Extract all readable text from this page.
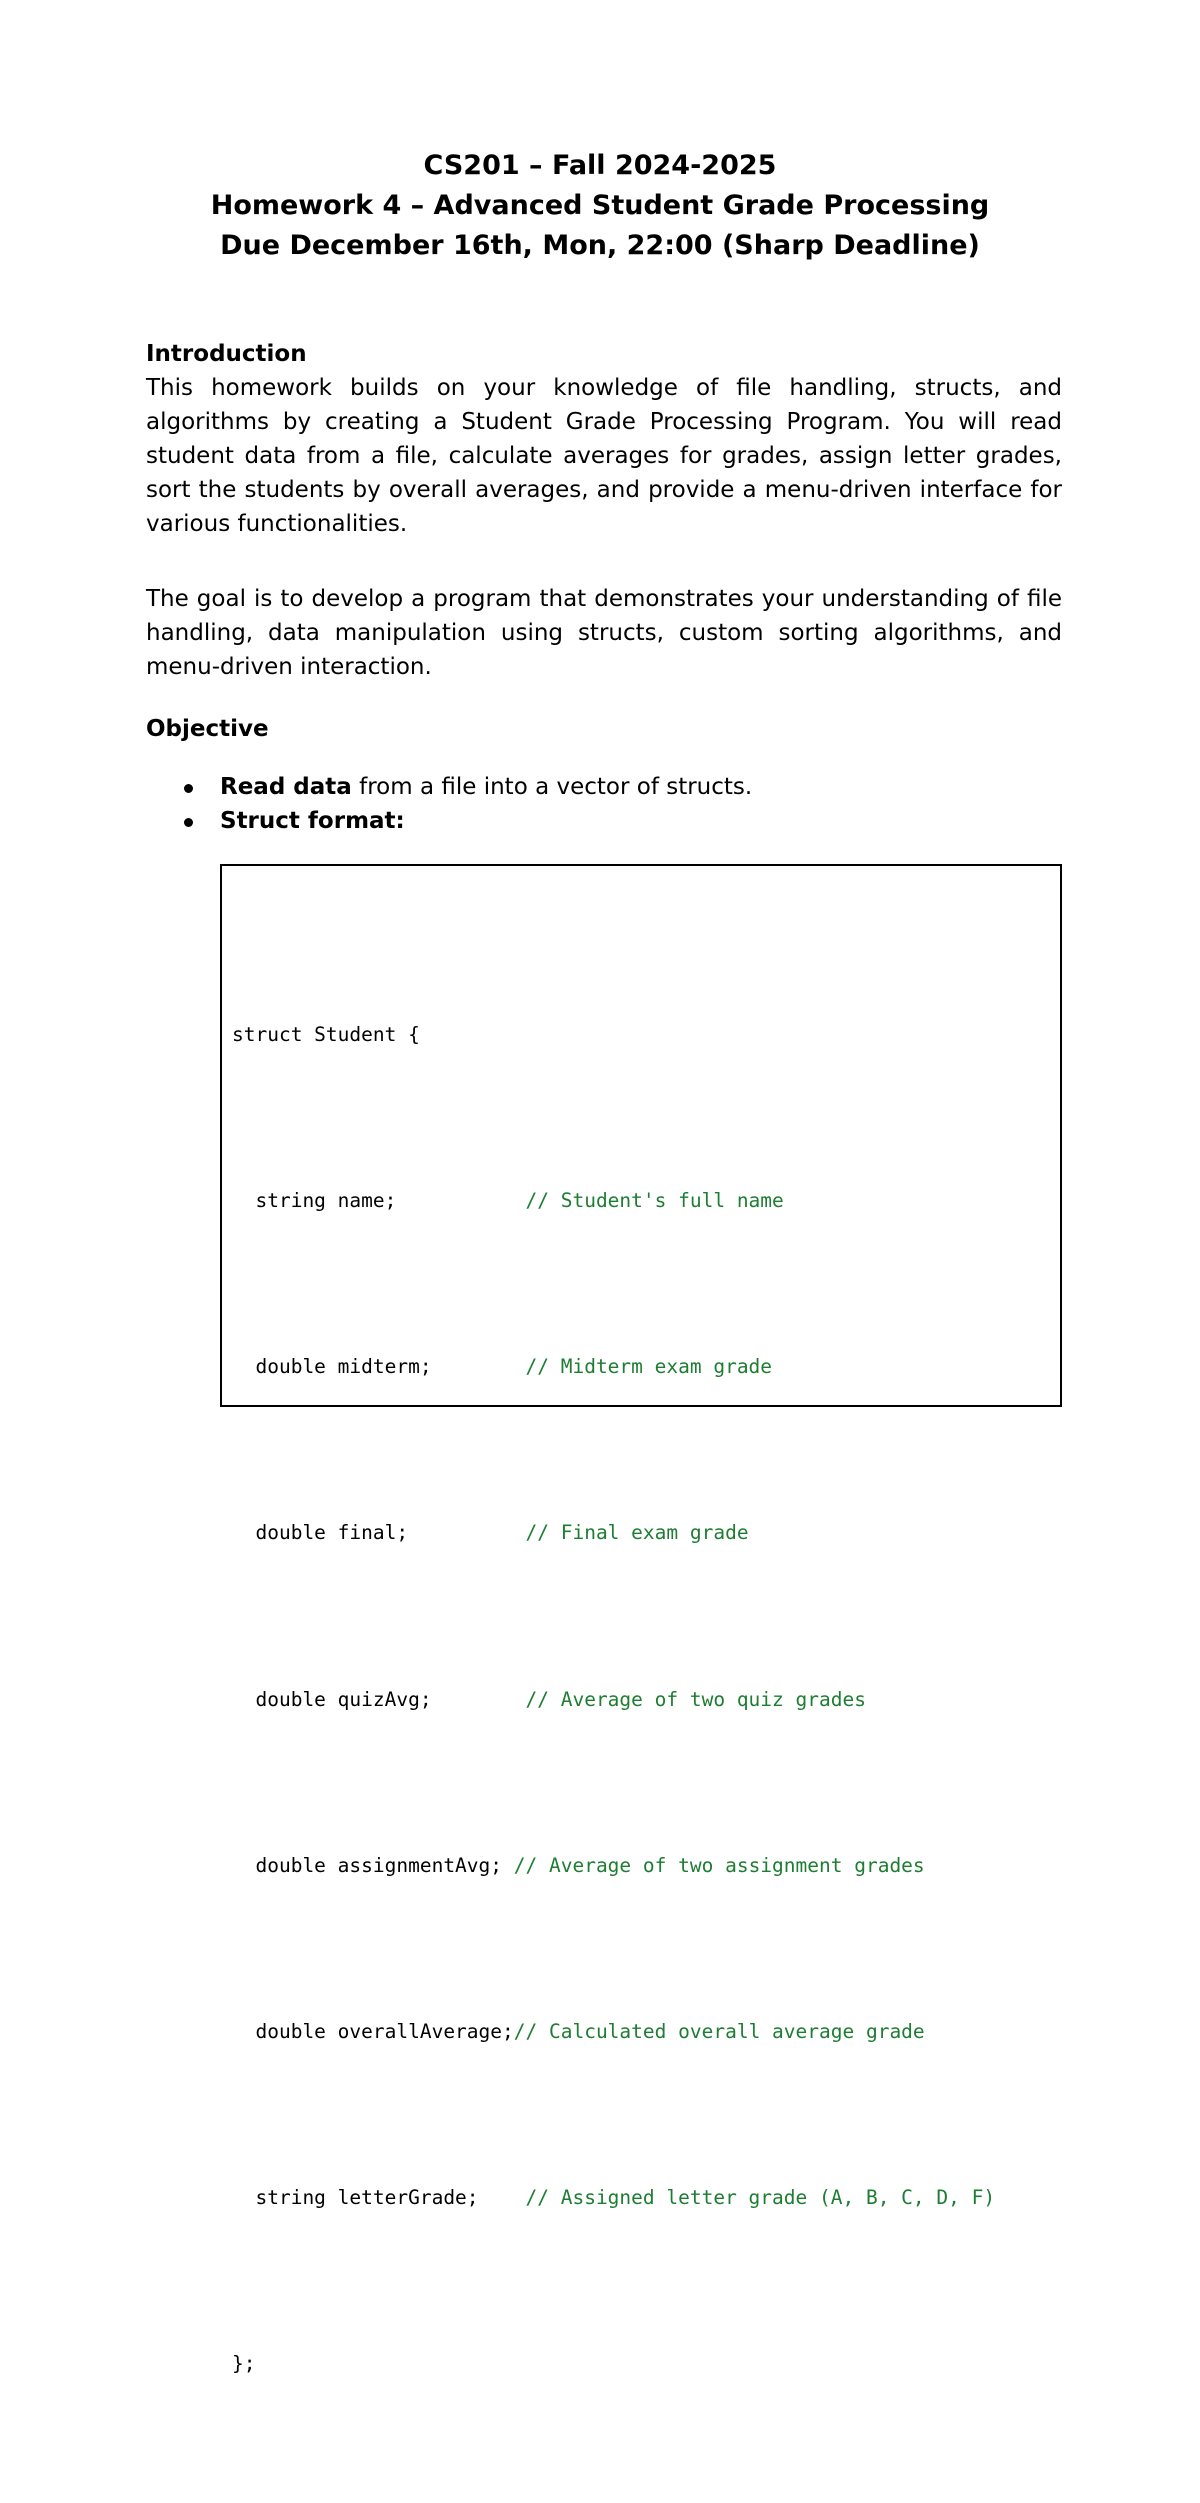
CS201 – Fall 2024-2025
Homework 4 – Advanced Student Grade Processing
Due December 16th, Mon, 22:00 (Sharp Deadline)
Introduction

This homework builds on your knowledge of file handling, structs, and algorithms by creating a Student Grade Processing Program. You will read student data from a file, calculate averages for grades, assign letter grades, sort the students by overall averages, and provide a menu-driven interface for various functionalities.

The goal is to develop a program that demonstrates your understanding of file handling, data manipulation using structs, custom sorting algorithms, and menu-driven interaction.

Objective
Read data from a file into a vector of structs.
Struct format:

struct Student {

string name;           // Student's full name

double midterm;        // Midterm exam grade

double final;          // Final exam grade

double quizAvg;        // Average of two quiz grades

double assignmentAvg; // Average of two assignment grades

double overallAverage;// Calculated overall average grade

string letterGrade;    // Assigned letter grade (A, B, C, D, F)

};
